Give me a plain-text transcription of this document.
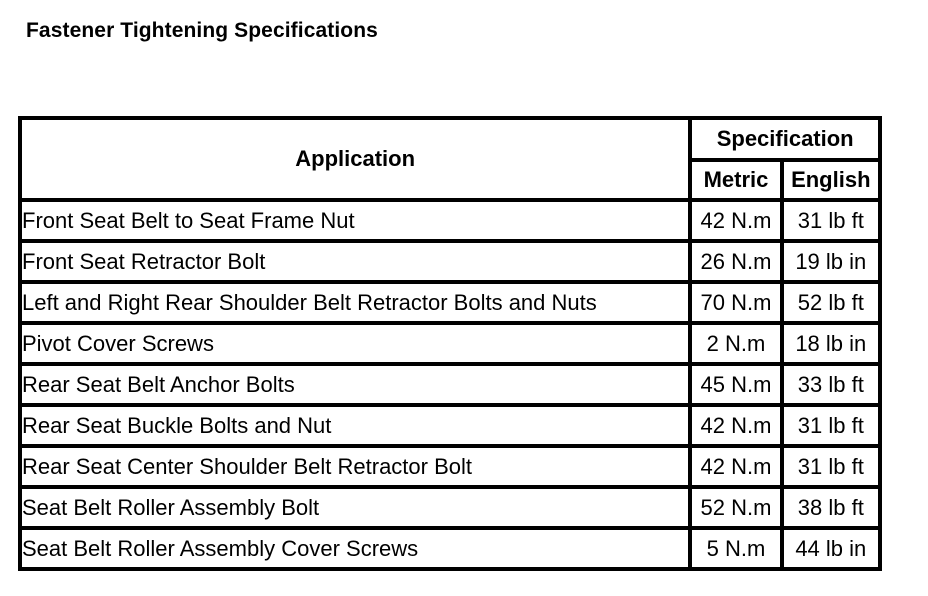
Fastener Tightening Specifications
Application	Specification	
	Metric	English
Front Seat Belt to Seat Frame Nut	42 N.m	31 lb ft
Front Seat Retractor Bolt	26 N.m	19 lb in
Left and Right Rear Shoulder Belt Retractor Bolts and Nuts	70 N.m	52 lb ft
Pivot Cover Screws	2 N.m	18 lb in
Rear Seat Belt Anchor Bolts	45 N.m	33 lb ft
Rear Seat Buckle Bolts and Nut	42 N.m	31 lb ft
Rear Seat Center Shoulder Belt Retractor Bolt	42 N.m	31 lb ft
Seat Belt Roller Assembly Bolt	52 N.m	38 lb ft
Seat Belt Roller Assembly Cover Screws	5 N.m	44 lb in
